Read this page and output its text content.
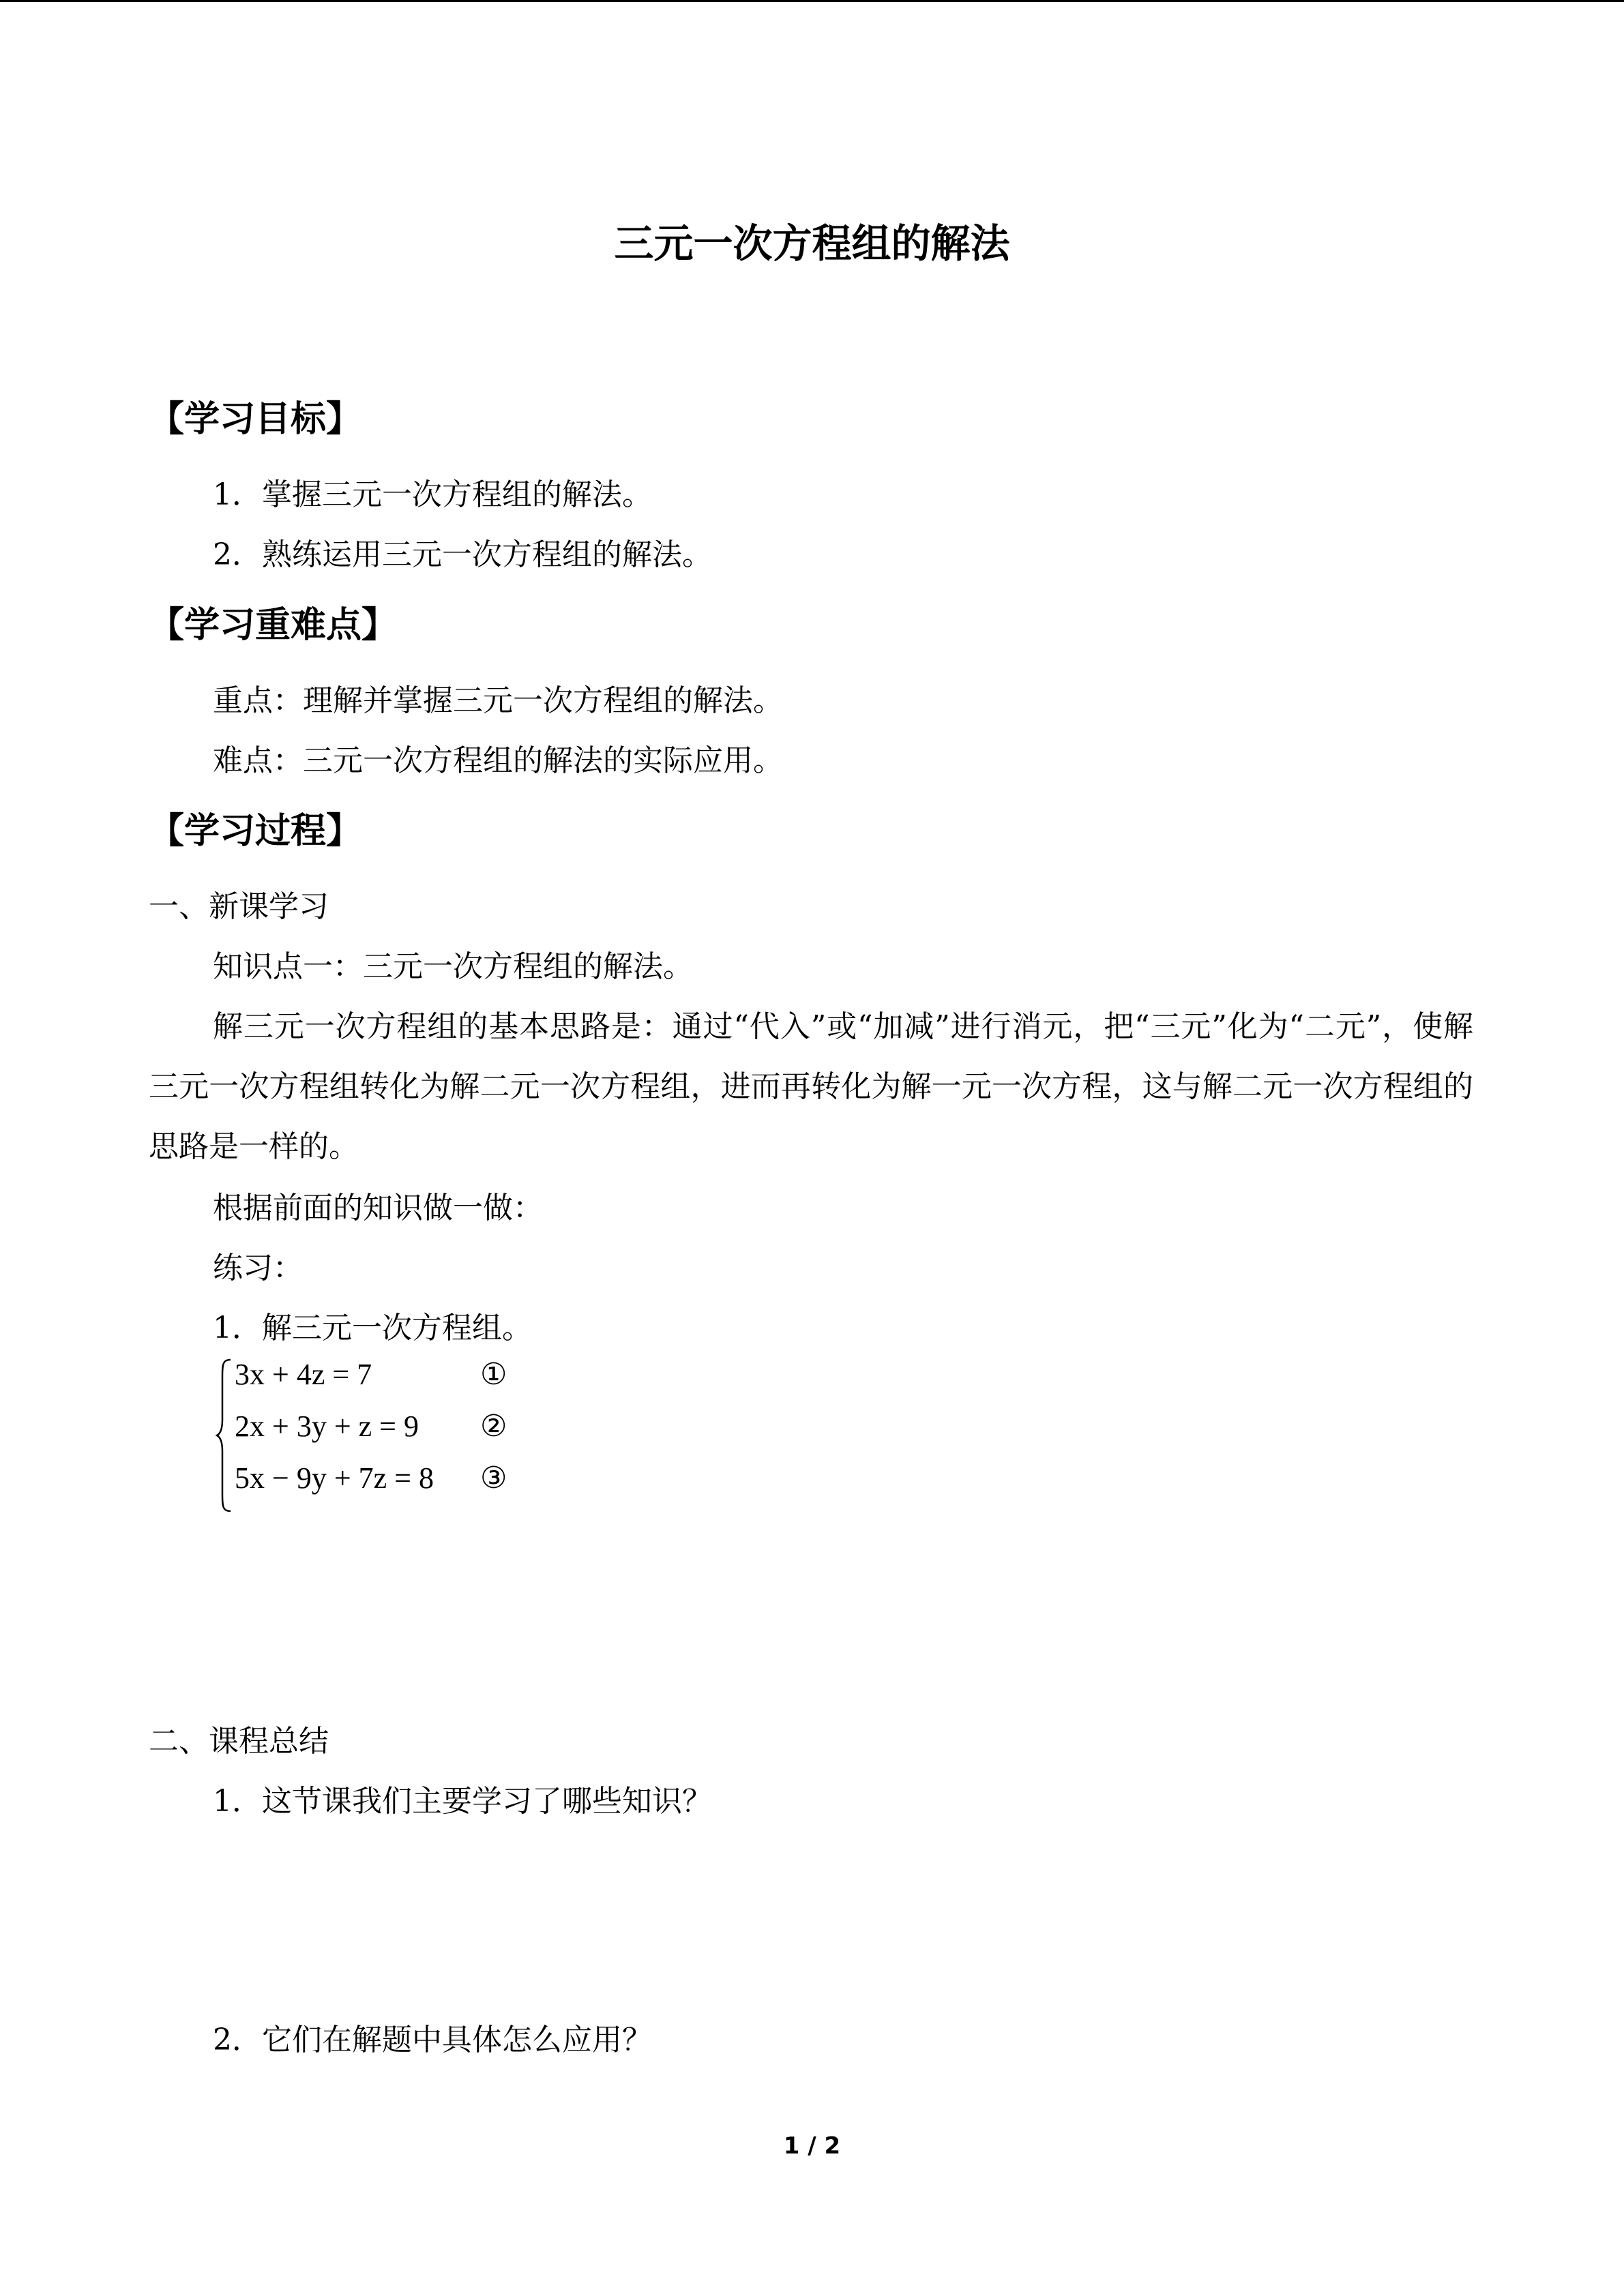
三元一次方程组的解法
【学习目标】
1．掌握三元一次方程组的解法。
2．熟练运用三元一次方程组的解法。
【学习重难点】
重点：理解并掌握三元一次方程组的解法。
难点：三元一次方程组的解法的实际应用。
【学习过程】
一、新课学习
知识点一：三元一次方程组的解法。
解三元一次方程组的基本思路是：通过“代入”或“加减”进行消元，把“三元”化为“二元”，使解三元一次方程组转化为解二元一次方程组，进而再转化为解一元一次方程，这与解二元一次方程组的思路是一样的。
根据前面的知识做一做：
练习：
1．解三元一次方程组。
3x + 4z = 7	①
2x + 3y + z = 9 ②
5x − 9y + 7z = 8 ③
二、课程总结
1．这节课我们主要学习了哪些知识？
2．它们在解题中具体怎么应用？
1 / 2
